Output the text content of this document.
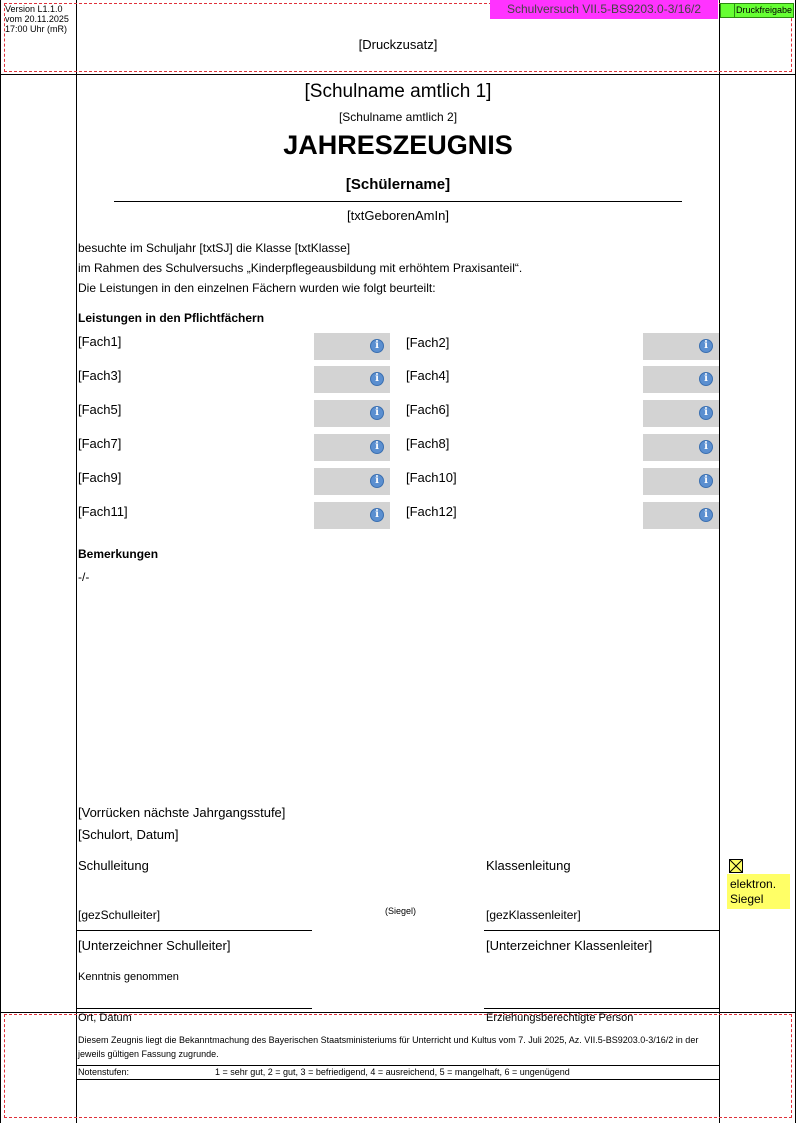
Version L1.1.0
vom 20.11.2025
17:00 Uhr (mR)
Schulversuch VII.5-BS9203.0-3/16/2	Druckfreigabe
[Druckzusatz]
[Schulname amtlich 1]
[Schulname amtlich 2]
JAHRESZEUGNIS
[Schülername]
[txtGeborenAmIn]
besuchte im Schuljahr [txtSJ] die Klasse [txtKlasse]
im Rahmen des Schulversuchs „Kinderpflegeausbildung mit erhöhtem Praxisanteil“.
Die Leistungen in den einzelnen Fächern wurden wie folgt beurteilt:
Leistungen in den Pflichtfächern
[Fach1]	i	[Fach2]	i
[Fach3]	i	[Fach4]	i
[Fach5]	i	[Fach6]	i
[Fach7]	i	[Fach8]	i
[Fach9]	i	[Fach10]	i
[Fach11]	i	[Fach12]	i
Bemerkungen
-/-
[Vorrücken nächste Jahrgangsstufe]
[Schulort, Datum]
Schulleitung	Klassenleitung
[gezSchulleiter]	(Siegel)	[gezKlassenleiter]
[Unterzeichner Schulleiter]	[Unterzeichner Klassenleiter]
Kenntnis genommen
Ort, Datum	Erziehungsberechtigte Person
elektron.
Siegel
Diesem Zeugnis liegt die Bekanntmachung des Bayerischen Staatsministeriums für Unterricht und Kultus vom 7. Juli 2025, Az. VII.5-BS9203.0-3/16/2 in der
jeweils gültigen Fassung zugrunde.
Notenstufen:	1 = sehr gut, 2 = gut, 3 = befriedigend, 4 = ausreichend, 5 = mangelhaft, 6 = ungenügend
